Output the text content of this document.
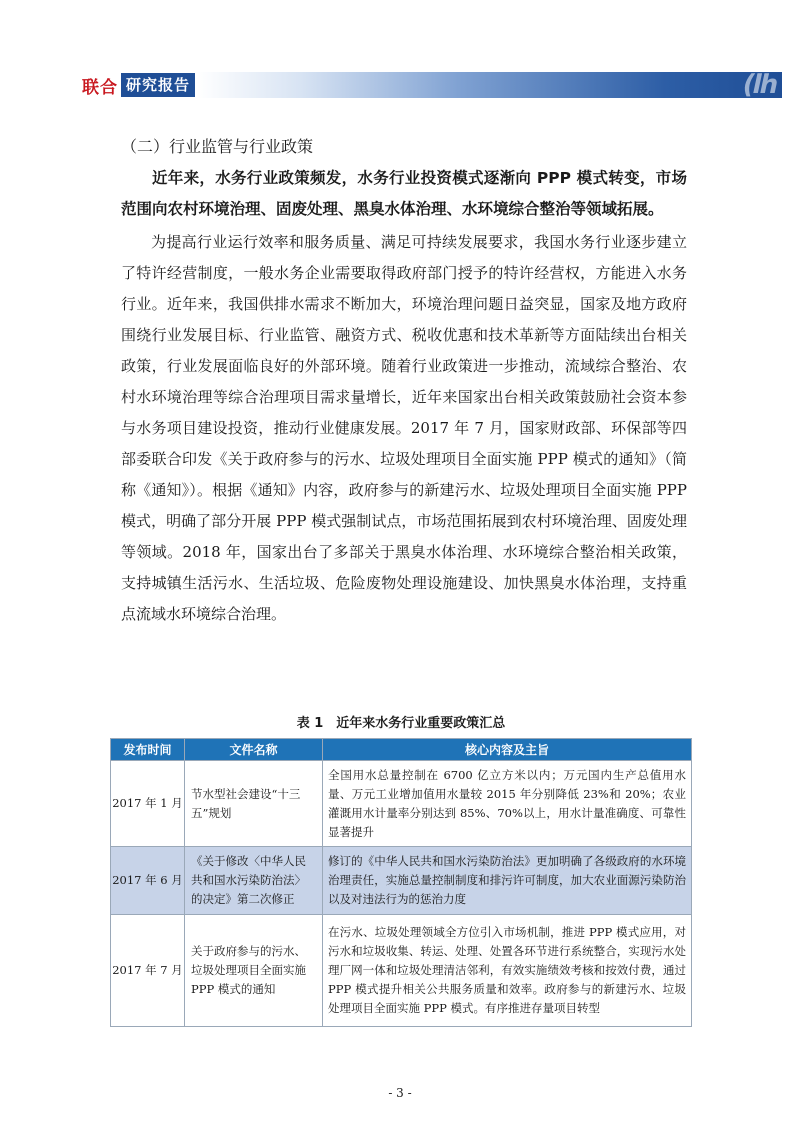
联合 研究报告	(lh
（二）行业监管与行业政策

近年来，水务行业政策频发，水务行业投资模式逐渐向 PPP 模式转变，市场范围向农村环境治理、固废处理、黑臭水体治理、水环境综合整治等领域拓展。

为提高行业运行效率和服务质量、满足可持续发展要求，我国水务行业逐步建立了特许经营制度，一般水务企业需要取得政府部门授予的特许经营权，方能进入水务行业。近年来，我国供排水需求不断加大，环境治理问题日益突显，国家及地方政府围绕行业发展目标、行业监管、融资方式、税收优惠和技术革新等方面陆续出台相关政策，行业发展面临良好的外部环境。随着行业政策进一步推动，流域综合整治、农村水环境治理等综合治理项目需求量增长，近年来国家出台相关政策鼓励社会资本参与水务项目建设投资，推动行业健康发展。2017 年 7 月，国家财政部、环保部等四部委联合印发《关于政府参与的污水、垃圾处理项目全面实施 PPP 模式的通知》（简称《通知》）。根据《通知》内容，政府参与的新建污水、垃圾处理项目全面实施 PPP 模式，明确了部分开展 PPP 模式强制试点，市场范围拓展到农村环境治理、固废处理等领域。2018 年，国家出台了多部关于黑臭水体治理、水环境综合整治相关政策，支持城镇生活污水、生活垃圾、危险废物处理设施建设、加快黑臭水体治理，支持重点流域水环境综合治理。

表 1　近年来水务行业重要政策汇总
发布时间	文件名称	核心内容及主旨
2017 年 1 月	节水型社会建设“十三五”规划	全国用水总量控制在 6700 亿立方米以内；万元国内生产总值用水量、万元工业增加值用水量较 2015 年分别降低 23%和 20%；农业灌溉用水计量率分别达到 85%、70%以上，用水计量准确度、可靠性显著提升
2017 年 6 月	《关于修改〈中华人民共和国水污染防治法〉的决定》第二次修正	修订的《中华人民共和国水污染防治法》更加明确了各级政府的水环境治理责任，实施总量控制制度和排污许可制度，加大农业面源污染防治以及对违法行为的惩治力度
2017 年 7 月	关于政府参与的污水、垃圾处理项目全面实施 PPP 模式的通知	在污水、垃圾处理领域全方位引入市场机制，推进 PPP 模式应用，对污水和垃圾收集、转运、处理、处置各环节进行系统整合，实现污水处理厂网一体和垃圾处理清洁邻利，有效实施绩效考核和按效付费，通过 PPP 模式提升相关公共服务质量和效率。政府参与的新建污水、垃圾处理项目全面实施 PPP 模式。有序推进存量项目转型
- 3 -
